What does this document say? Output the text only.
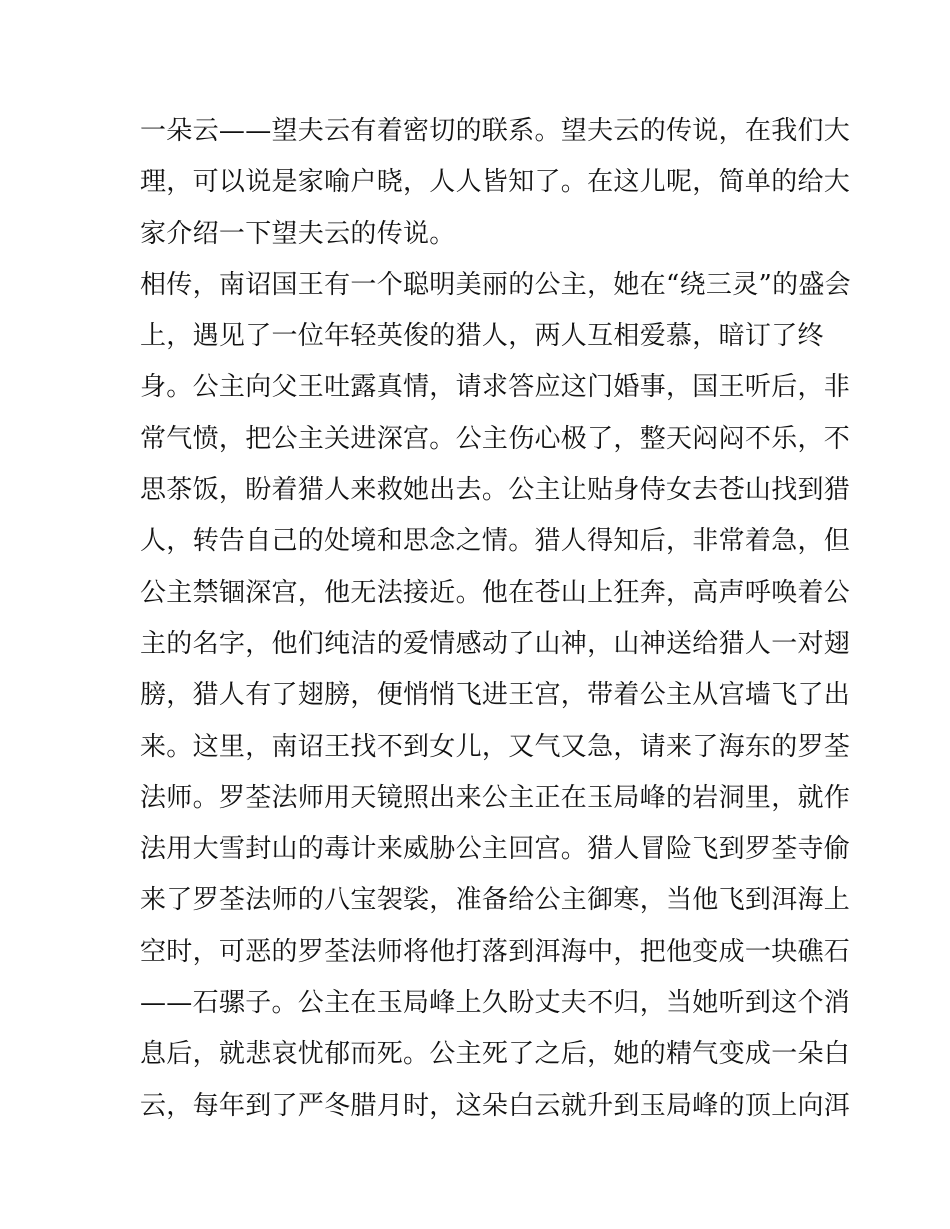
一朵云——望夫云有着密切的联系。望夫云的传说，在我们大
理，可以说是家喻户晓，人人皆知了。在这儿呢，简单的给大
家介绍一下望夫云的传说。
相传，南诏国王有一个聪明美丽的公主，她在“绕三灵”的盛会
上，遇见了一位年轻英俊的猎人，两人互相爱慕，暗订了终
身。公主向父王吐露真情，请求答应这门婚事，国王听后，非
常气愤，把公主关进深宫。公主伤心极了，整天闷闷不乐，不
思茶饭，盼着猎人来救她出去。公主让贴身侍女去苍山找到猎
人，转告自己的处境和思念之情。猎人得知后，非常着急，但
公主禁锢深宫，他无法接近。他在苍山上狂奔，高声呼唤着公
主的名字，他们纯洁的爱情感动了山神，山神送给猎人一对翅
膀，猎人有了翅膀，便悄悄飞进王宫，带着公主从宫墙飞了出
来。这里，南诏王找不到女儿，又气又急，请来了海东的罗荃
法师。罗荃法师用天镜照出来公主正在玉局峰的岩洞里，就作
法用大雪封山的毒计来威胁公主回宫。猎人冒险飞到罗荃寺偷
来了罗荃法师的八宝袈裟，准备给公主御寒，当他飞到洱海上
空时，可恶的罗荃法师将他打落到洱海中，把他变成一块礁石
——石骡子。公主在玉局峰上久盼丈夫不归，当她听到这个消
息后，就悲哀忧郁而死。公主死了之后，她的精气变成一朵白
云，每年到了严冬腊月时，这朵白云就升到玉局峰的顶上向洱
